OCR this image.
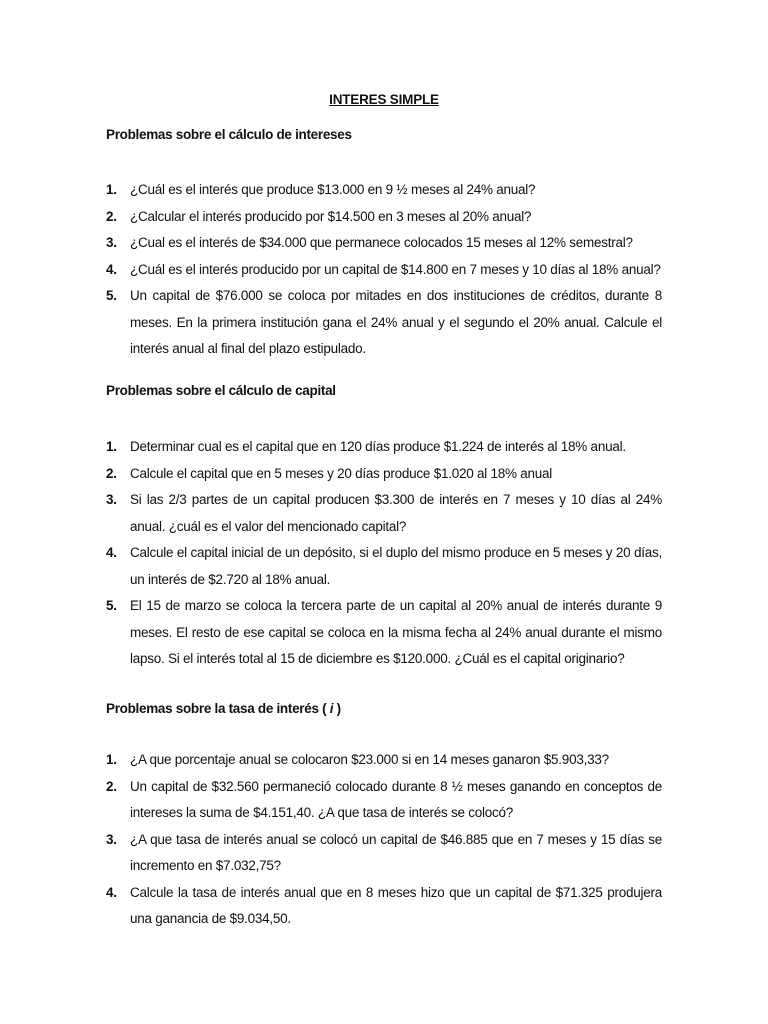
INTERES SIMPLE

Problemas sobre el cálculo de intereses

1. ¿Cuál es el interés que produce $13.000 en 9 ½ meses al 24% anual?
2. ¿Calcular el interés producido por $14.500 en 3 meses al 20% anual?
3. ¿Cual es el interés de $34.000 que permanece colocados 15 meses al 12% semestral?
4. ¿Cuál es el interés producido por un capital de $14.800 en 7 meses y 10 días al 18% anual?
5. Un capital de $76.000 se coloca por mitades en dos instituciones de créditos, durante 8 meses. En la primera institución gana el 24% anual y el segundo el 20% anual. Calcule el interés anual al final del plazo estipulado.

Problemas sobre el cálculo de capital

1. Determinar cual es el capital que en 120 días produce $1.224 de interés al 18% anual.
2. Calcule el capital que en 5 meses y 20 días produce $1.020 al 18% anual
3. Si las 2/3 partes de un capital producen $3.300 de interés en 7 meses y 10 días al 24% anual. ¿cuál es el valor del mencionado capital?
4. Calcule el capital inicial de un depósito, si el duplo del mismo produce en 5 meses y 20 días, un interés de $2.720 al 18% anual.
5. El 15 de marzo se coloca la tercera parte de un capital al 20% anual de interés durante 9 meses. El resto de ese capital se coloca en la misma fecha al 24% anual durante el mismo lapso. Si el interés total al 15 de diciembre es $120.000. ¿Cuál es el capital originario?

Problemas sobre la tasa de interés ( i )

1. ¿A que porcentaje anual se colocaron $23.000 si en 14 meses ganaron $5.903,33?
2. Un capital de $32.560 permaneció colocado durante 8 ½ meses ganando en conceptos de intereses la suma de $4.151,40. ¿A que tasa de interés se colocó?
3. ¿A que tasa de interés anual se colocó un capital de $46.885 que en 7 meses y 15 días se incremento en $7.032,75?
4. Calcule la tasa de interés anual que en 8 meses hizo que un capital de $71.325 produjera una ganancia de $9.034,50.
